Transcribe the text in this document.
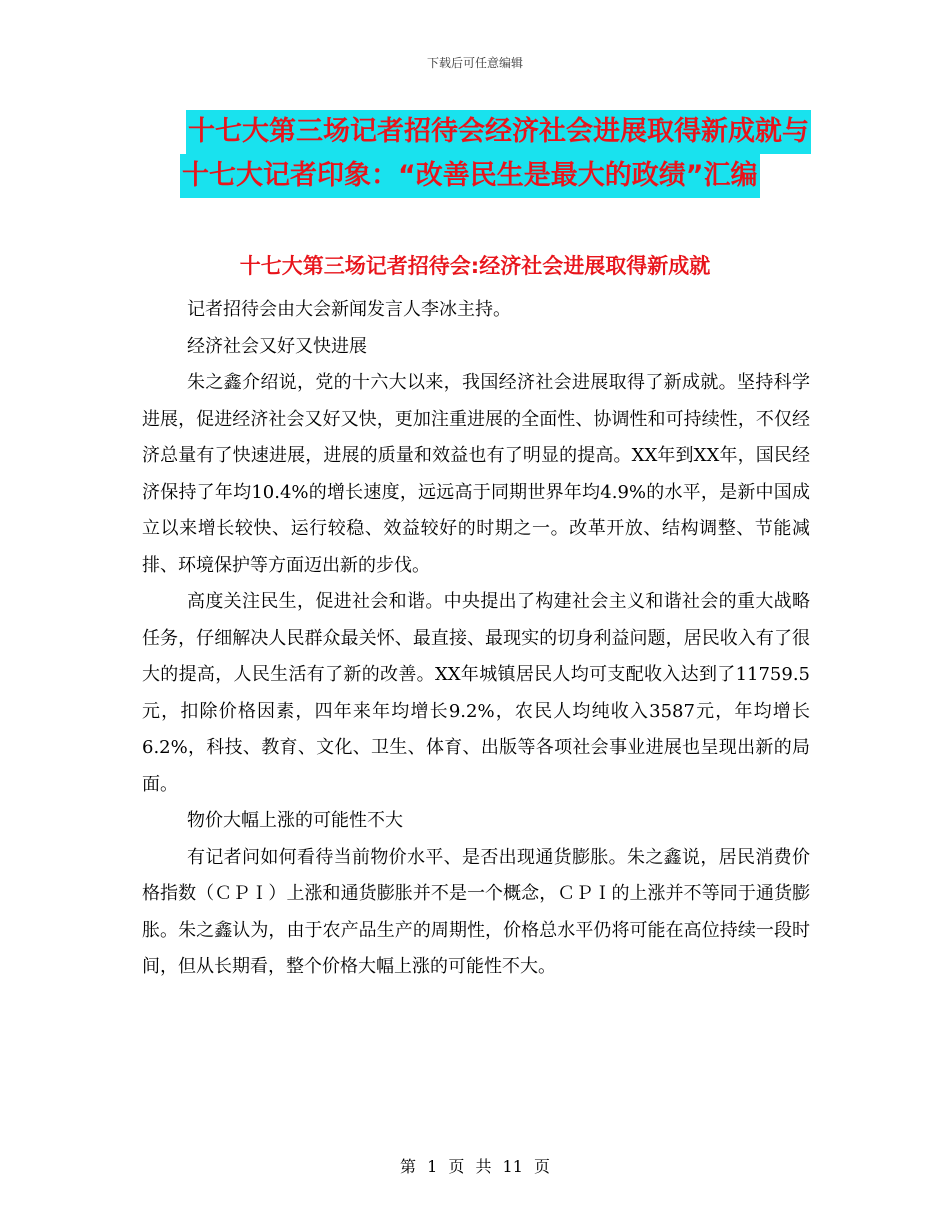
下载后可任意编辑
十七大第三场记者招待会经济社会进展取得新成就与
十七大记者印象：“改善民生是最大的政绩”汇编
十七大第三场记者招待会:经济社会进展取得新成就

记者招待会由大会新闻发言人李冰主持。

经济社会又好又快进展

朱之鑫介绍说，党的十六大以来，我国经济社会进展取得了新成就。坚持科学进展，促进经济社会又好又快，更加注重进展的全面性、协调性和可持续性，不仅经济总量有了快速进展，进展的质量和效益也有了明显的提高。XX年到XX年，国民经济保持了年均10.4%的增长速度，远远高于同期世界年均4.9%的水平，是新中国成立以来增长较快、运行较稳、效益较好的时期之一。改革开放、结构调整、节能减排、环境保护等方面迈出新的步伐。

高度关注民生，促进社会和谐。中央提出了构建社会主义和谐社会的重大战略任务，仔细解决人民群众最关怀、最直接、最现实的切身利益问题，居民收入有了很大的提高，人民生活有了新的改善。XX年城镇居民人均可支配收入达到了11759.5元，扣除价格因素，四年来年均增长9.2%，农民人均纯收入3587元，年均增长6.2%，科技、教育、文化、卫生、体育、出版等各项社会事业进展也呈现出新的局面。

物价大幅上涨的可能性不大

有记者问如何看待当前物价水平、是否出现通货膨胀。朱之鑫说，居民消费价格指数（ＣＰＩ）上涨和通货膨胀并不是一个概念，ＣＰＩ的上涨并不等同于通货膨胀。朱之鑫认为，由于农产品生产的周期性，价格总水平仍将可能在高位持续一段时间，但从长期看，整个价格大幅上涨的可能性不大。

第 1 页 共 11 页
